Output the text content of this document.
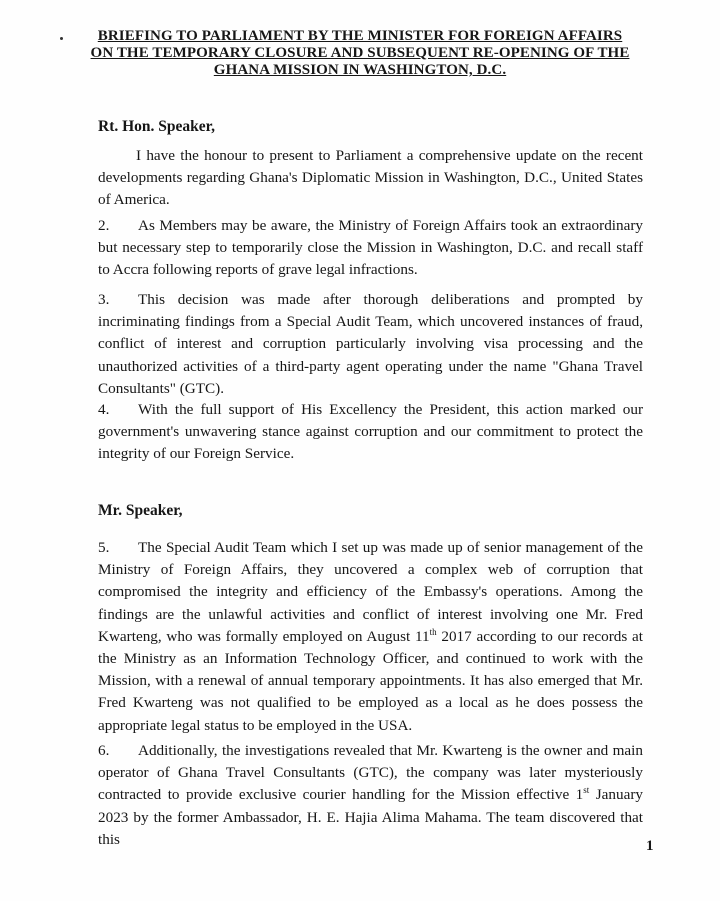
BRIEFING TO PARLIAMENT BY THE MINISTER FOR FOREIGN AFFAIRS
ON THE TEMPORARY CLOSURE AND SUBSEQUENT RE-OPENING OF THE
GHANA MISSION IN WASHINGTON, D.C.
Rt. Hon. Speaker,

I have the honour to present to Parliament a comprehensive update on the recent developments regarding Ghana's Diplomatic Mission in Washington, D.C., United States of America.

2. As Members may be aware, the Ministry of Foreign Affairs took an extraordinary but necessary step to temporarily close the Mission in Washington, D.C. and recall staff to Accra following reports of grave legal infractions.

3. This decision was made after thorough deliberations and prompted by incriminating findings from a Special Audit Team, which uncovered instances of fraud, conflict of interest and corruption particularly involving visa processing and the unauthorized activities of a third-party agent operating under the name "Ghana Travel Consultants" (GTC).

4. With the full support of His Excellency the President, this action marked our government's unwavering stance against corruption and our commitment to protect the integrity of our Foreign Service.

Mr. Speaker,

5. The Special Audit Team which I set up was made up of senior management of the Ministry of Foreign Affairs, they uncovered a complex web of corruption that compromised the integrity and efficiency of the Embassy's operations. Among the findings are the unlawful activities and conflict of interest involving one Mr. Fred Kwarteng, who was formally employed on August 11th 2017 according to our records at the Ministry as an Information Technology Officer, and continued to work with the Mission, with a renewal of annual temporary appointments. It has also emerged that Mr. Fred Kwarteng was not qualified to be employed as a local as he does possess the appropriate legal status to be employed in the USA.

6. Additionally, the investigations revealed that Mr. Kwarteng is the owner and main operator of Ghana Travel Consultants (GTC), the company was later mysteriously contracted to provide exclusive courier handling for the Mission effective 1st January 2023 by the former Ambassador, H. E. Hajia Alima Mahama. The team discovered that this	1
